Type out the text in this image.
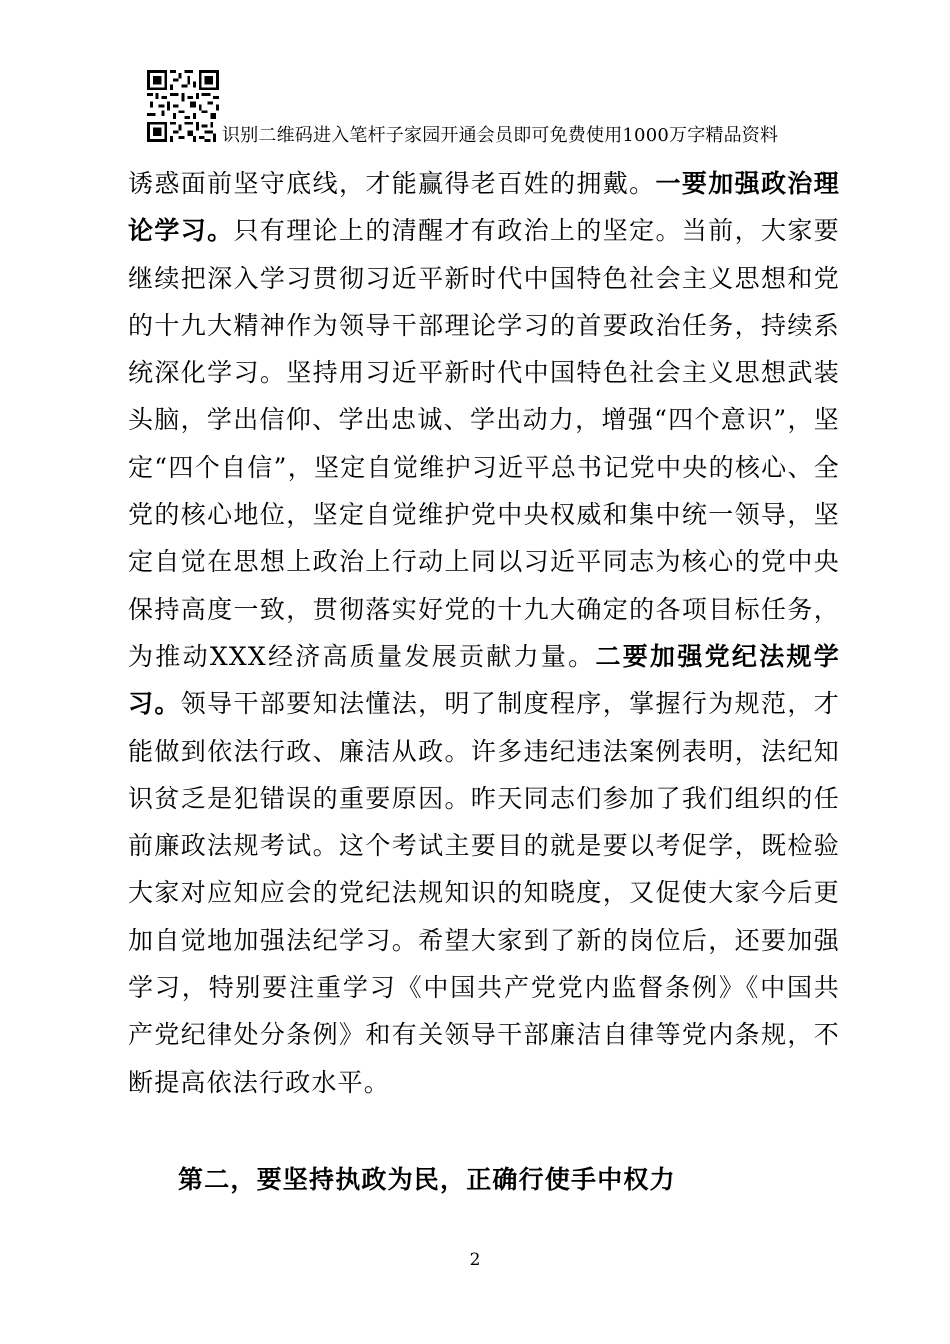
识别二维码进入笔杆子家园开通会员即可免费使用1000万字精品资料

诱惑面前坚守底线，才能赢得老百姓的拥戴。一要加强政治理论学习。只有理论上的清醒才有政治上的坚定。当前，大家要继续把深入学习贯彻习近平新时代中国特色社会主义思想和党的十九大精神作为领导干部理论学习的首要政治任务，持续系统深化学习。坚持用习近平新时代中国特色社会主义思想武装头脑，学出信仰、学出忠诚、学出动力，增强“四个意识”，坚定“四个自信”，坚定自觉维护习近平总书记党中央的核心、全党的核心地位，坚定自觉维护党中央权威和集中统一领导，坚定自觉在思想上政治上行动上同以习近平同志为核心的党中央保持高度一致，贯彻落实好党的十九大确定的各项目标任务，为推动XXX经济高质量发展贡献力量。二要加强党纪法规学习。领导干部要知法懂法，明了制度程序，掌握行为规范，才能做到依法行政、廉洁从政。许多违纪违法案例表明，法纪知识贫乏是犯错误的重要原因。昨天同志们参加了我们组织的任前廉政法规考试。这个考试主要目的就是要以考促学，既检验大家对应知应会的党纪法规知识的知晓度，又促使大家今后更加自觉地加强法纪学习。希望大家到了新的岗位后，还要加强学习，特别要注重学习《中国共产党党内监督条例》《中国共产党纪律处分条例》和有关领导干部廉洁自律等党内条规，不断提高依法行政水平。

第二，要坚持执政为民，正确行使手中权力
2
